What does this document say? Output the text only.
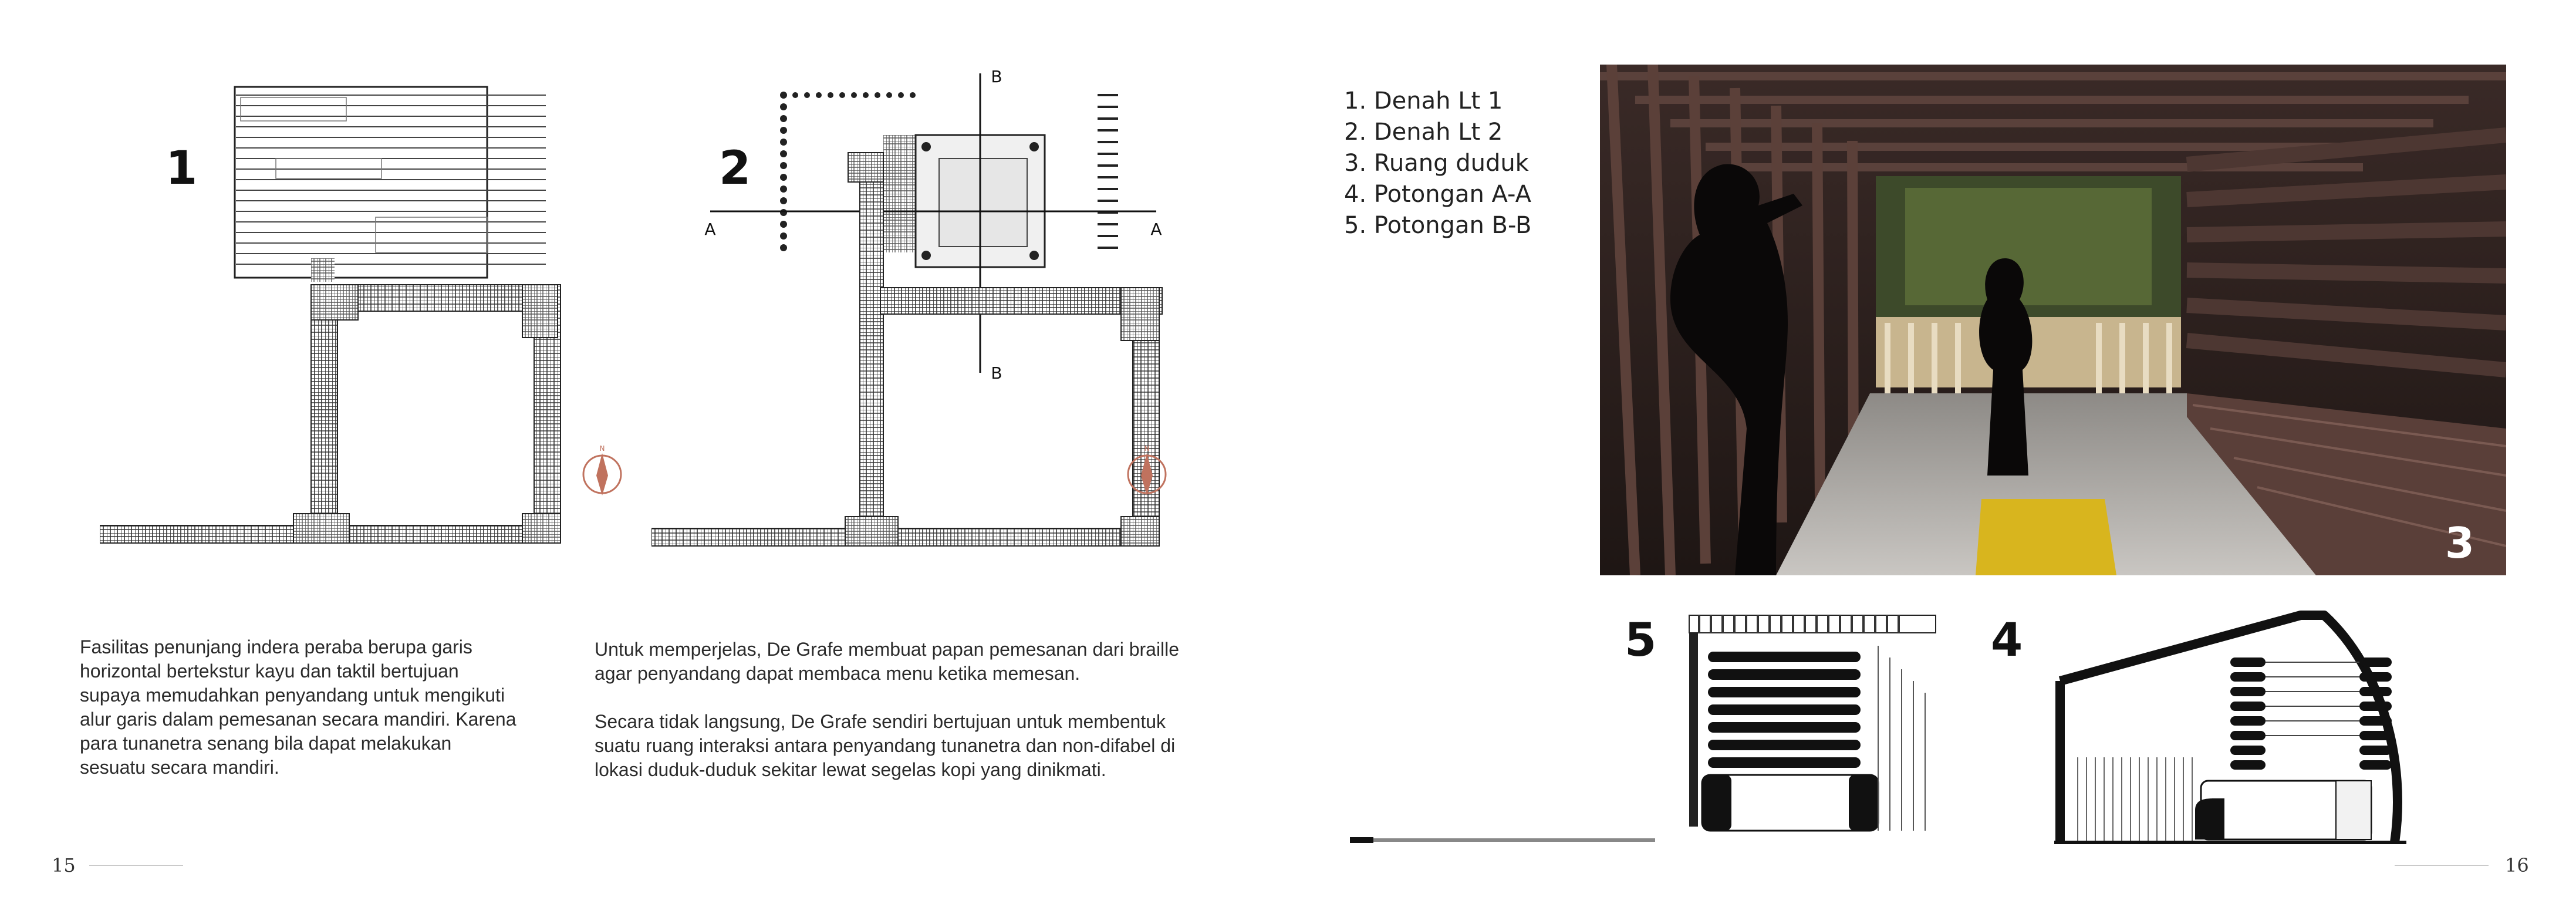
1
N
2
A	A
B
B
N

Fasilitas penunjang indera peraba berupa garis

horizontal bertekstur kayu dan taktil bertujuan

supaya memudahkan penyandang untuk mengikuti

alur garis dalam pemesanan secara mandiri. Karena

para tunanetra senang bila dapat melakukan

sesuatu secara mandiri.

Untuk memperjelas, De Grafe membuat papan pemesanan dari braille

agar penyandang dapat membaca menu ketika memesan.

Secara tidak langsung, De Grafe sendiri bertujuan untuk membentuk

suatu ruang interaksi antara penyandang tunanetra dan non-difabel di

lokasi duduk-duduk sekitar lewat segelas kopi yang dinikmati.

15
1. Denah Lt 1
2. Denah Lt 2
3. Ruang duduk
4. Potongan A-A
5. Potongan B-B
3
5	4
16
